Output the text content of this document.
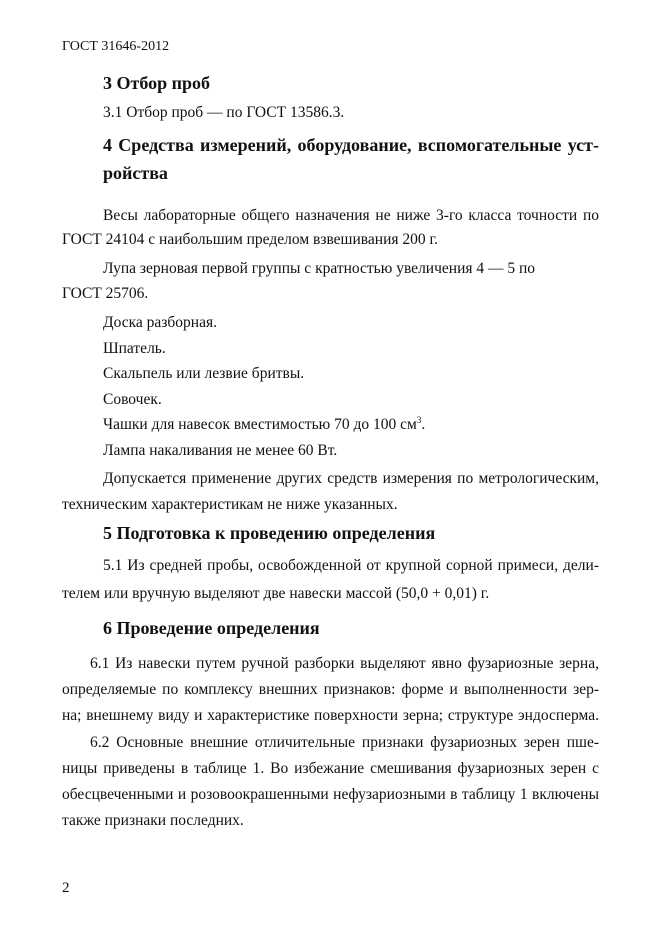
ГОСТ 31646-2012

3 Отбор проб

3.1 Отбор проб — по ГОСТ 13586.3.

4 Средства измерений, оборудование, вспомогательные уст-

ройства

Весы лабораторные общего назначения не ниже 3-го класса точности по

ГОСТ 24104 с наибольшим пределом взвешивания 200 г.

Лупа зерновая первой группы с кратностью увеличения 4 — 5 по

ГОСТ 25706.

Доска разборная.

Шпатель.

Скальпель или лезвие бритвы.

Совочек.

Чашки для навесок вместимостью 70 до 100 $см^3$.

Лампа накаливания не менее 60 Вт.

Допускается применение других средств измерения по метрологическим,

техническим характеристикам не ниже указанных.

5 Подготовка к проведению определения

5.1 Из средней пробы, освобожденной от крупной сорной примеси, дели-

телем или вручную выделяют две навески массой (50,0 + 0,01) г.

6 Проведение определения

6.1 Из навески путем ручной разборки выделяют явно фузариозные зерна,

определяемые по комплексу внешних признаков: форме и выполненности зер-

на; внешнему виду и характеристике поверхности зерна; структуре эндосперма.

6.2 Основные внешние отличительные признаки фузариозных зерен пше-

ницы приведены в таблице 1. Во избежание смешивания фузариозных зерен с

обесцвеченными и розовоокрашенными нефузариозными в таблицу 1 включены

также признаки последних.

2
